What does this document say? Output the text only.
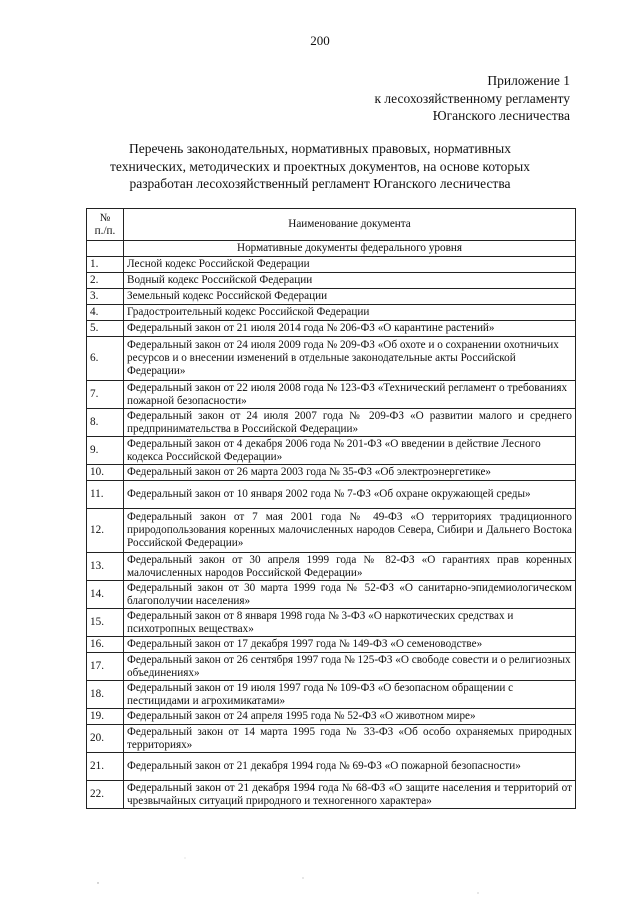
200
Приложение 1
к лесохозяйственному регламенту
Юганского лесничества
Перечень законодательных, нормативных правовых, нормативных
технических, методических и проектных документов, на основе которых
разработан лесохозяйственный регламент Юганского лесничества
№
п./п.	Наименование документа
	Нормативные документы федерального уровня
1.	Лесной кодекс Российской Федерации
2.	Водный кодекс Российской Федерации
3.	Земельный кодекс Российской Федерации
4.	Градостроительный кодекс Российской Федерации
5.	Федеральный закон от 21 июля 2014 года № 206-ФЗ «О карантине растений»
6.	Федеральный закон от 24 июля 2009 года № 209-ФЗ «Об охоте и о сохранении охотничьих ресурсов и о внесении изменений в отдельные законодательные акты Российской Федерации»
7.	Федеральный закон от 22 июля 2008 года № 123-ФЗ «Технический регламент о требованиях пожарной безопасности»
8.	Федеральный закон от 24 июля 2007 года № 209-ФЗ «О развитии малого и среднего предпринимательства в Российской Федерации»
9.	Федеральный закон от 4 декабря 2006 года № 201-ФЗ «О введении в действие Лесного кодекса Российской Федерации»
10.	Федеральный закон от 26 марта 2003 года № 35-ФЗ «Об электроэнергетике»
11.	Федеральный закон от 10 января 2002 года № 7-ФЗ «Об охране окружающей среды»
12.	Федеральный закон от 7 мая 2001 года № 49-ФЗ «О территориях традиционного природопользования коренных малочисленных народов Севера, Сибири и Дальнего Востока Российской Федерации»
13.	Федеральный закон от 30 апреля 1999 года № 82-ФЗ «О гарантиях прав коренных малочисленных народов Российской Федерации»
14.	Федеральный закон от 30 марта 1999 года № 52-ФЗ «О санитарно-эпидемиологическом благополучии населения»
15.	Федеральный закон от 8 января 1998 года № 3-ФЗ «О наркотических средствах и психотропных веществах»
16.	Федеральный закон от 17 декабря 1997 года № 149-ФЗ «О семеноводстве»
17.	Федеральный закон от 26 сентября 1997 года № 125-ФЗ «О свободе совести и о религиозных объединениях»
18.	Федеральный закон от 19 июля 1997 года № 109-ФЗ «О безопасном обращении с пестицидами и агрохимикатами»
19.	Федеральный закон от 24 апреля 1995 года № 52-ФЗ «О животном мире»
20.	Федеральный закон от 14 марта 1995 года № 33-ФЗ «Об особо охраняемых природных территориях»
21.	Федеральный закон от 21 декабря 1994 года № 69-ФЗ «О пожарной безопасности»
22.	Федеральный закон от 21 декабря 1994 года № 68-ФЗ «О защите населения и территорий от чрезвычайных ситуаций природного и техногенного характера»
